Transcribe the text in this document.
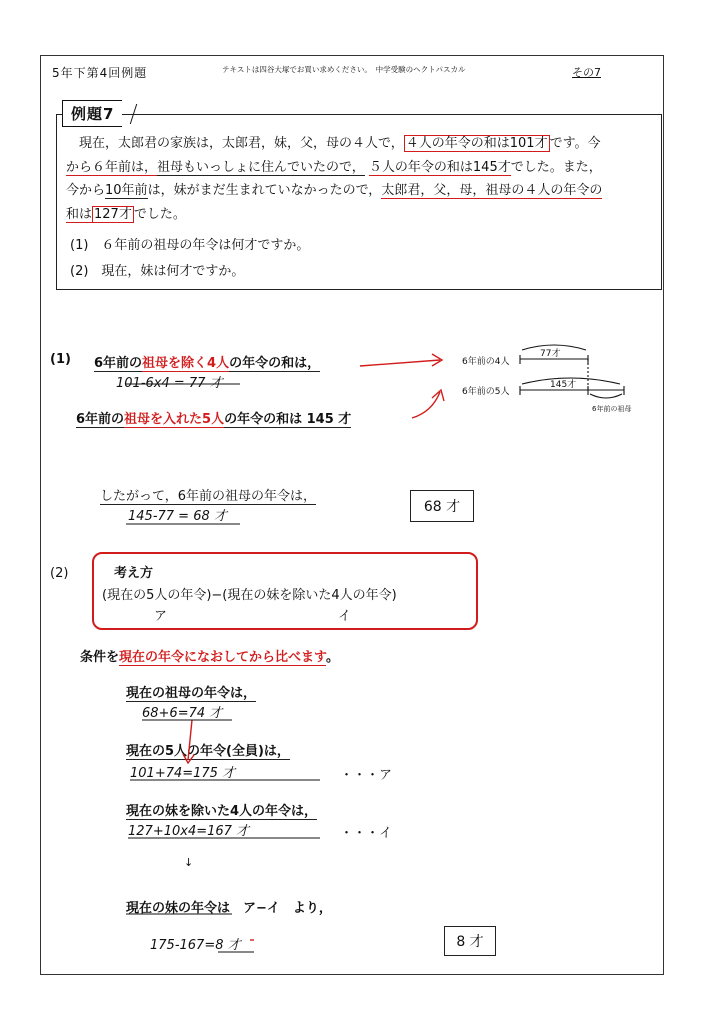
5年下第4回例題	テキストは四谷大塚でお買い求めください。　中学受験のヘクトパスカル	その7
例題7
　現在，太郎君の家族は，太郎君，妹，父，母の４人で， ４人の年令の和は101才 です。今
から６年前は，祖母もいっしょに住んでいたので， ５人の年令の和は145才でした。また，
今から10年前は，妹がまだ生まれていなかったので，太郎君，父，母，祖母の４人の年令の
和は 127才 でした。
(1)　６年前の祖母の年令は何才ですか。
(2)　現在，妹は何才ですか。
(1) 6年前の祖母を除く4人の年令の和は，
101-6x4 = 77 才
6年前の祖母を入れた5人の年令の和は 145 才
6年前の4人
6年前の5人
77才
145才
6年前の祖母
したがって，6年前の祖母の年令は，
145-77 = 68 才
68 才
(2)	考え方
(現在の5人の年令)−(現在の妹を除いた4人の年令)
ア	イ
条件を現在の年令になおしてから比べます。
現在の祖母の年令は，
68+6=74 才
現在の5人の年令(全員)は，
101+74=175 才	・・・ア
現在の妹を除いた4人の年令は，
127+10x4=167 才	・・・イ
↓
現在の妹の年令は　ア−イ　より，
175-167=8 才	8 才
